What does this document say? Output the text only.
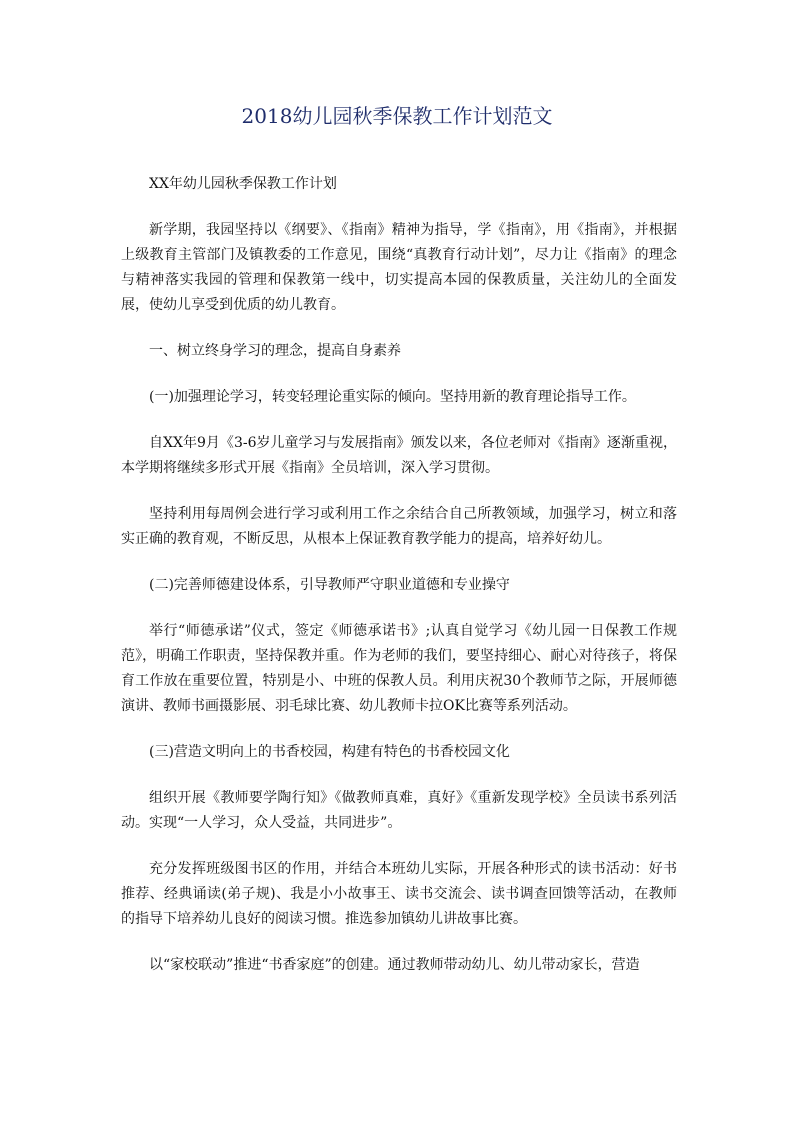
2018幼儿园秋季保教工作计划范文

XX年幼儿园秋季保教工作计划

新学期，我园坚持以《纲要》、《指南》精神为指导，学《指南》，用《指南》，并根据上级教育主管部门及镇教委的工作意见，围绕“真教育行动计划”，尽力让《指南》的理念与精神落实我园的管理和保教第一线中，切实提高本园的保教质量，关注幼儿的全面发展，使幼儿享受到优质的幼儿教育。

一、树立终身学习的理念，提高自身素养

(一)加强理论学习，转变轻理论重实际的倾向。坚持用新的教育理论指导工作。

自XX年9月《3-6岁儿童学习与发展指南》颁发以来，各位老师对《指南》逐渐重视，本学期将继续多形式开展《指南》全员培训，深入学习贯彻。

坚持利用每周例会进行学习或利用工作之余结合自己所教领域，加强学习，树立和落实正确的教育观，不断反思，从根本上保证教育教学能力的提高，培养好幼儿。

(二)完善师德建设体系，引导教师严守职业道德和专业操守

举行“师德承诺”仪式，签定《师德承诺书》;认真自觉学习《幼儿园一日保教工作规范》，明确工作职责，坚持保教并重。作为老师的我们，要坚持细心、耐心对待孩子，将保育工作放在重要位置，特别是小、中班的保教人员。利用庆祝30个教师节之际，开展师德演讲、教师书画摄影展、羽毛球比赛、幼儿教师卡拉OK比赛等系列活动。

(三)营造文明向上的书香校园，构建有特色的书香校园文化

组织开展《教师要学陶行知》《做教师真难，真好》《重新发现学校》全员读书系列活动。实现“一人学习，众人受益，共同进步”。

充分发挥班级图书区的作用，并结合本班幼儿实际，开展各种形式的读书活动：好书推荐、经典诵读(弟子规)、我是小小故事王、读书交流会、读书调查回馈等活动，在教师的指导下培养幼儿良好的阅读习惯。推选参加镇幼儿讲故事比赛。

以“家校联动”推进“书香家庭”的创建。通过教师带动幼儿、幼儿带动家长，营造
